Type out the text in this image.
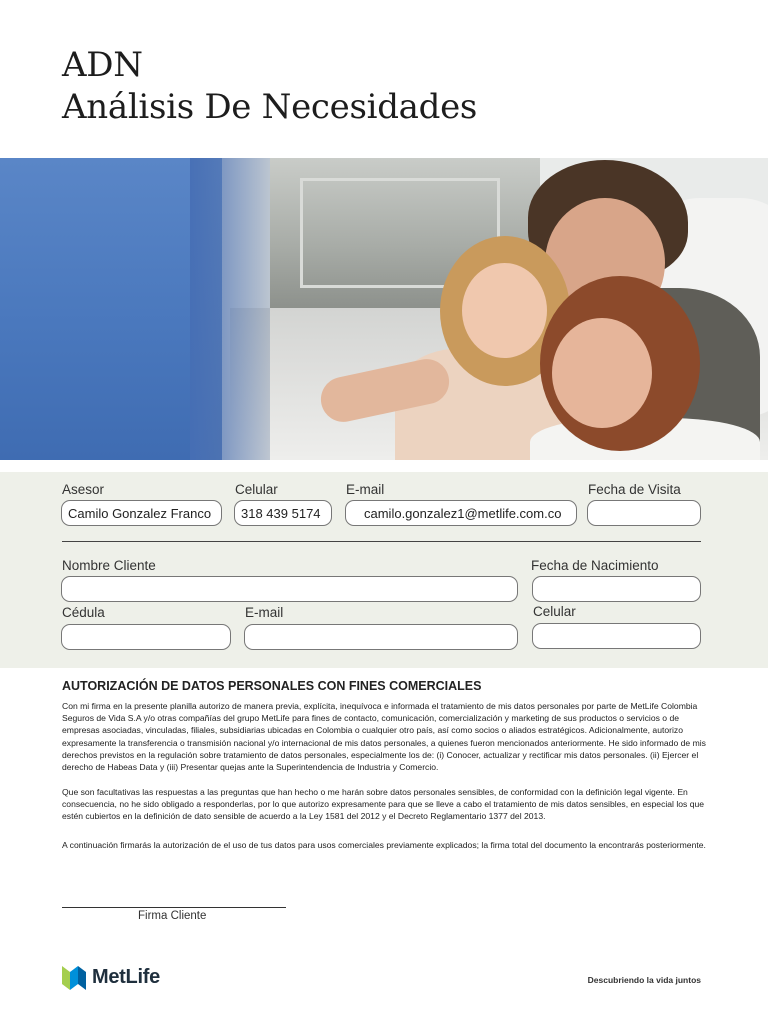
ADN
Análisis De Necesidades
Asesor
Camilo Gonzalez Franco
Celular
318 439 5174
E-mail
camilo.gonzalez1@metlife.com.co
Fecha de Visita
Nombre Cliente	Fecha de Nacimiento
Cédula	E-mail	Celular
AUTORIZACIÓN DE DATOS PERSONALES CON FINES COMERCIALES
Con mi firma en la presente planilla autorizo de manera previa, explícita, inequívoca e informada el tratamiento de mis datos personales por parte de MetLife Colombia Seguros de Vida S.A y/o otras compañías del grupo MetLife para fines de contacto, comunicación, comercialización y marketing de sus productos o servicios o de empresas asociadas, vinculadas, filiales, subsidiarias ubicadas en Colombia o cualquier otro país, así como socios o aliados estratégicos. Adicionalmente, autorizo expresamente la transferencia o transmisión nacional y/o internacional de mis datos personales, a quienes fueron mencionados anteriormente. He sido informado de mis derechos previstos en la regulación sobre tratamiento de datos personales, especialmente los de: (i) Conocer, actualizar y rectificar mis datos personales. (ii) Ejercer el derecho de Habeas Data y (iii) Presentar quejas ante la Superintendencia de Industria y Comercio.
Que son facultativas las respuestas a las preguntas que han hecho o me harán sobre datos personales sensibles, de conformidad con la definición legal vigente. En consecuencia, no he sido obligado a responderlas, por lo que autorizo expresamente para que se lleve a cabo el tratamiento de mis datos sensibles, en especial los que estén cubiertos en la definición de dato sensible de acuerdo a la Ley 1581 del 2012 y el Decreto Reglamentario 1377 del 2013.
A continuación firmarás la autorización de el uso de tus datos para usos comerciales previamente explicados; la firma total del documento la encontrarás posteriormente.
Firma Cliente
MetLife	Descubriendo la vida juntos
